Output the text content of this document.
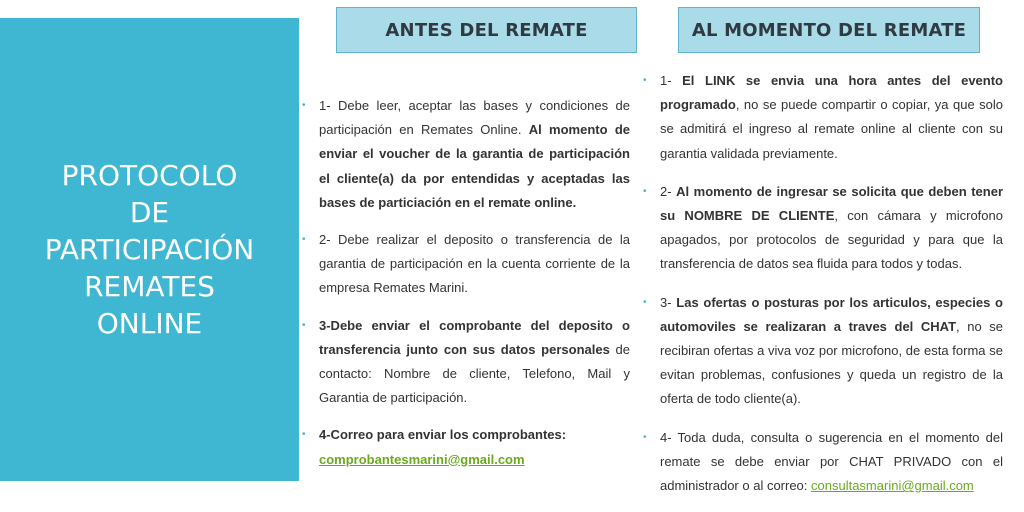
PROTOCOLO
DE
PARTICIPACIÓN
REMATES
ONLINE
ANTES DEL REMATE	AL MOMENTO DEL REMATE
• 1- Debe leer, aceptar las bases y condiciones de participación en Remates Online. Al momento de enviar el voucher de la garantia de participación el cliente(a) da por entendidas y aceptadas las bases de particiación en el remate online.
• 2- Debe realizar el deposito o transferencia de la garantia de participación en la cuenta corriente de la empresa Remates Marini.
• 3-Debe enviar el comprobante del deposito o transferencia junto con sus datos personales de contacto: Nombre de cliente, Telefono, Mail y Garantia de participación.
• 4-Correo para enviar los comprobantes:
comprobantesmarini@gmail.com
• 1- El LINK se envia una hora antes del evento programado, no se puede compartir o copiar, ya que solo se admitirá el ingreso al remate online al cliente con su garantia validada previamente.
• 2- Al momento de ingresar se solicita que deben tener su NOMBRE DE CLIENTE, con cámara y microfono apagados, por protocolos de seguridad y para que la transferencia de datos sea fluida para todos y todas.
• 3- Las ofertas o posturas por los articulos, especies o automoviles se realizaran a traves del CHAT, no se recibiran ofertas a viva voz por microfono, de esta forma se evitan problemas, confusiones y queda un registro de la oferta de todo cliente(a).
• 4- Toda duda, consulta o sugerencia en el momento del remate se debe enviar por CHAT PRIVADO con el administrador o al correo: consultasmarini@gmail.com
